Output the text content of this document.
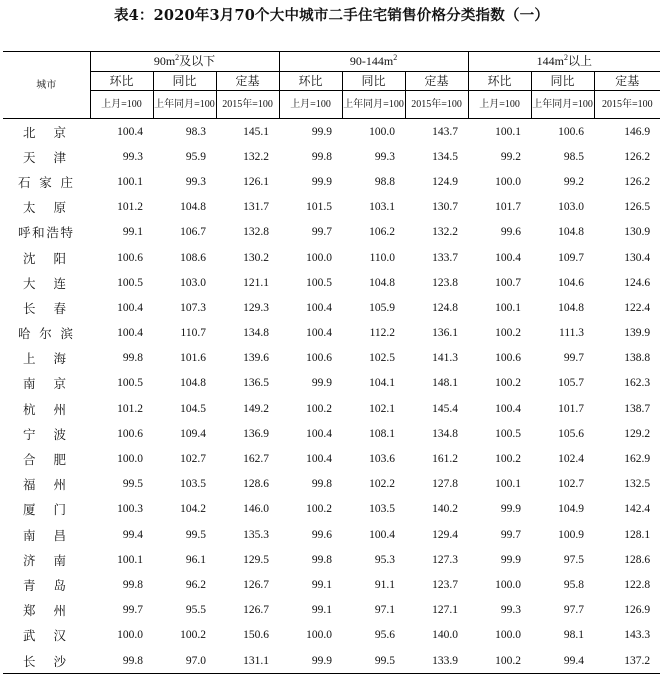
表4：2020年3月70个大中城市二手住宅销售价格分类指数（一）
城市	$90m^2$及以下			$90-144m^2$			$144m^2$以上		
	环比	同比	定基	环比	同比	定基	环比	同比	定基
	上月=100	上年同月=100	2015年=100	上月=100	上年同月=100	2015年=100	上月=100	上年同月=100	2015年=100
北京	100.4	98.3	145.1	99.9	100.0	143.7	100.1	100.6	146.9
天津	99.3	95.9	132.2	99.8	99.3	134.5	99.2	98.5	126.2
石家庄	100.1	99.3	126.1	99.9	98.8	124.9	100.0	99.2	126.2
太原	101.2	104.8	131.7	101.5	103.1	130.7	101.7	103.0	126.5
呼和浩特	99.1	106.7	132.8	99.7	106.2	132.2	99.6	104.8	130.9
沈阳	100.6	108.6	130.2	100.0	110.0	133.7	100.4	109.7	130.4
大连	100.5	103.0	121.1	100.5	104.8	123.8	100.7	104.6	124.6
长春	100.4	107.3	129.3	100.4	105.9	124.8	100.1	104.8	122.4
哈尔滨	100.4	110.7	134.8	100.4	112.2	136.1	100.2	111.3	139.9
上海	99.8	101.6	139.6	100.6	102.5	141.3	100.6	99.7	138.8
南京	100.5	104.8	136.5	99.9	104.1	148.1	100.2	105.7	162.3
杭州	101.2	104.5	149.2	100.2	102.1	145.4	100.4	101.7	138.7
宁波	100.6	109.4	136.9	100.4	108.1	134.8	100.5	105.6	129.2
合肥	100.0	102.7	162.7	100.4	103.6	161.2	100.2	102.4	162.9
福州	99.5	103.5	128.6	99.8	102.2	127.8	100.1	102.7	132.5
厦门	100.3	104.2	146.0	100.2	103.5	140.2	99.9	104.9	142.4
南昌	99.4	99.5	135.3	99.6	100.4	129.4	99.7	100.9	128.1
济南	100.1	96.1	129.5	99.8	95.3	127.3	99.9	97.5	128.6
青岛	99.8	96.2	126.7	99.1	91.1	123.7	100.0	95.8	122.8
郑州	99.7	95.5	126.7	99.1	97.1	127.1	99.3	97.7	126.9
武汉	100.0	100.2	150.6	100.0	95.6	140.0	100.0	98.1	143.3
长沙	99.8	97.0	131.1	99.9	99.5	133.9	100.2	99.4	137.2
